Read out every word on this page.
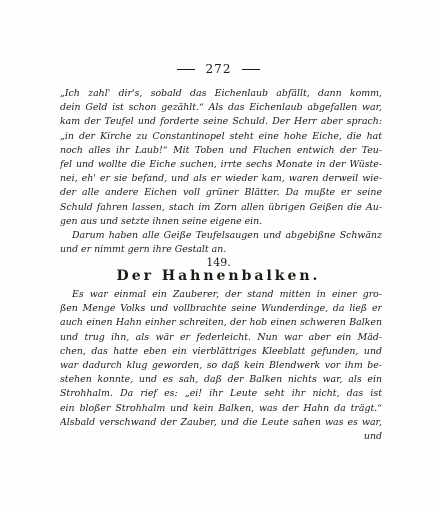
272
„Ich zahl' dir's, sobald das Eichenlaub abfällt, dann komm,
dein Geld ist schon gezählt.“ Als das Eichenlaub abgefallen war,
kam der Teufel und forderte seine Schuld. Der Herr aber sprach:
„in der Kirche zu Constantinopel steht eine hohe Eiche, die hat
noch alles ihr Laub!“ Mit Toben und Fluchen entwich der Teu-
fel und wollte die Eiche suchen, irrte sechs Monate in der Wüste-
nei, eh' er sie befand, und als er wieder kam, waren derweil wie-
der alle andere Eichen voll grüner Blätter. Da mußte er seine
Schuld fahren lassen, stach im Zorn allen übrigen Geißen die Au-
gen aus und setzte ihnen seine eigene ein.
Darum haben alle Geiße Teufelsaugen und abgebißne Schwänz
und er nimmt gern ihre Gestalt an.
149.
Der Hahnenbalken.
Es war einmal ein Zauberer, der stand mitten in einer gro-
ßen Menge Volks und vollbrachte seine Wunderdinge, da ließ er
auch einen Hahn einher schreiten, der hob einen schweren Balken
und trug ihn, als wär er federleicht. Nun war aber ein Mäd-
chen, das hatte eben ein vierblättriges Kleeblatt gefunden, und
war dadurch klug geworden, so daß kein Blendwerk vor ihm be-
stehen konnte, und es sah, daß der Balken nichts war, als ein
Strohhalm. Da rief es: „ei! ihr Leute seht ihr nicht, das ist
ein bloßer Strohhalm und kein Balken, was der Hahn da trägt.“
Alsbald verschwand der Zauber, und die Leute sahen was es war,
und
